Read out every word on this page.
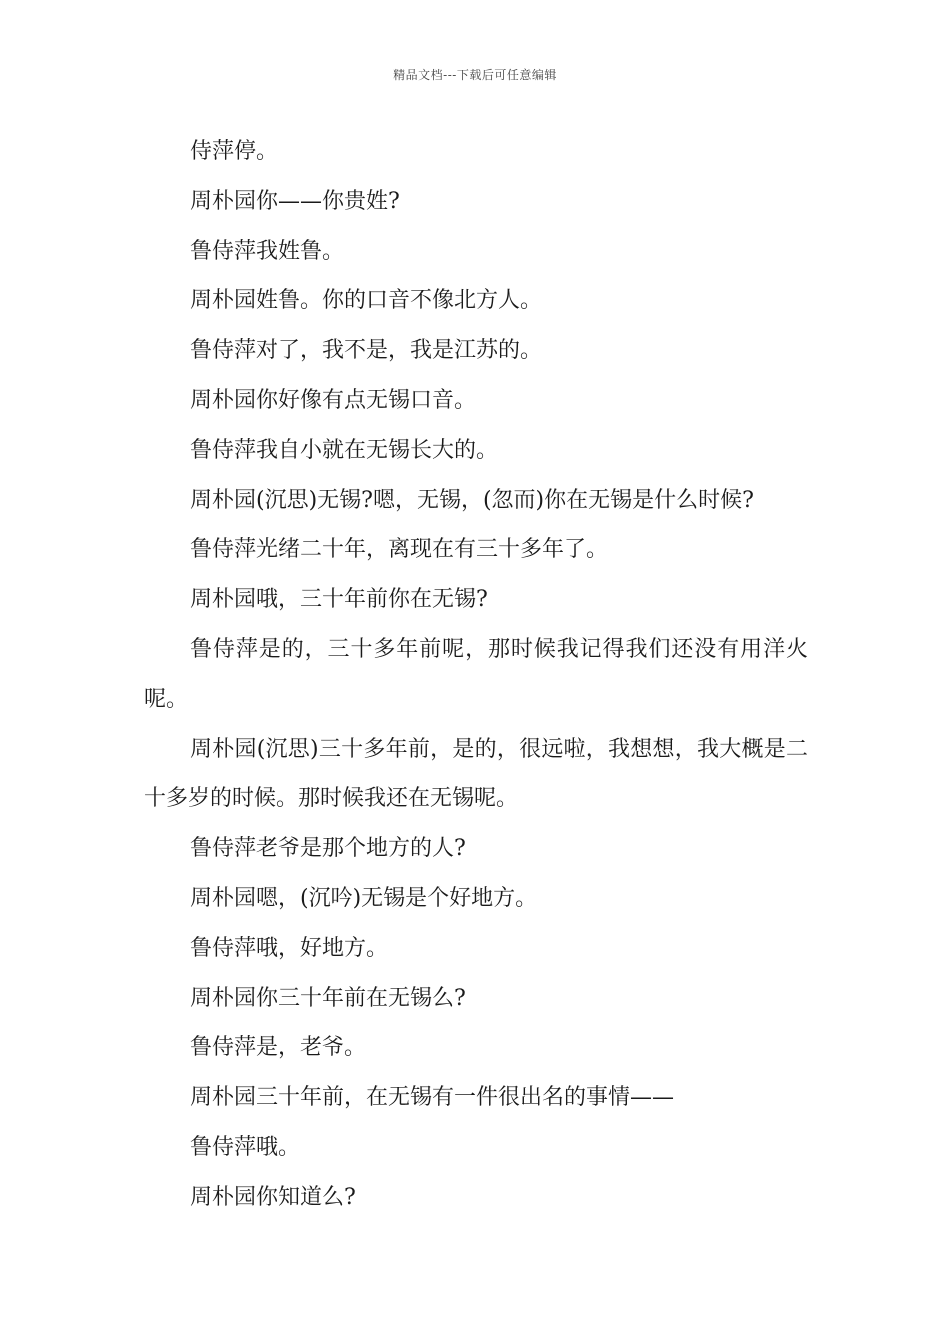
精品文档---下载后可任意编辑

侍萍停。

周朴园你——你贵姓?

鲁侍萍我姓鲁。

周朴园姓鲁。你的口音不像北方人。

鲁侍萍对了，我不是，我是江苏的。

周朴园你好像有点无锡口音。

鲁侍萍我自小就在无锡长大的。

周朴园(沉思)无锡?嗯，无锡，(忽而)你在无锡是什么时候?

鲁侍萍光绪二十年，离现在有三十多年了。

周朴园哦，三十年前你在无锡?

鲁侍萍是的，三十多年前呢，那时候我记得我们还没有用洋火呢。

周朴园(沉思)三十多年前，是的，很远啦，我想想，我大概是二十多岁的时候。那时候我还在无锡呢。

鲁侍萍老爷是那个地方的人?

周朴园嗯，(沉吟)无锡是个好地方。

鲁侍萍哦，好地方。

周朴园你三十年前在无锡么?

鲁侍萍是，老爷。

周朴园三十年前，在无锡有一件很出名的事情——

鲁侍萍哦。

周朴园你知道么?
